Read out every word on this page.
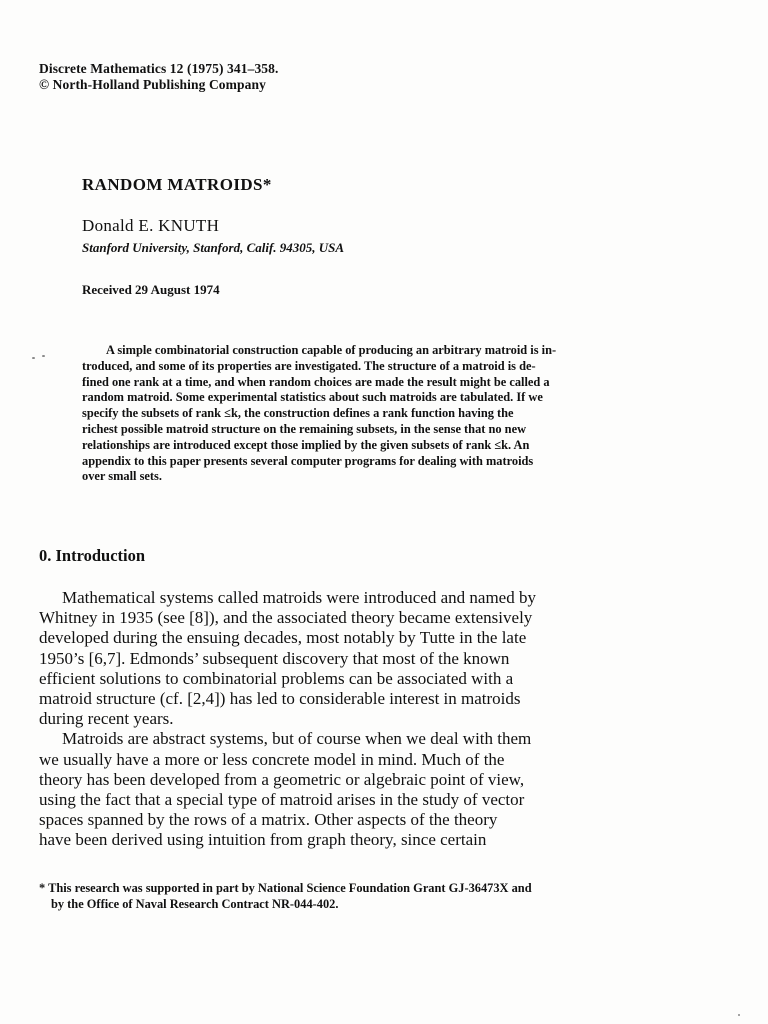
Discrete Mathematics 12 (1975) 341–358.
© North-Holland Publishing Company
RANDOM MATROIDS*
Donald E. KNUTH
Stanford University, Stanford, Calif. 94305, USA
Received 29 August 1974
A simple combinatorial construction capable of producing an arbitrary matroid is in-
troduced, and some of its properties are investigated. The structure of a matroid is de-
fined one rank at a time, and when random choices are made the result might be called a
random matroid. Some experimental statistics about such matroids are tabulated. If we
specify the subsets of rank ≤k, the construction defines a rank function having the
richest possible matroid structure on the remaining subsets, in the sense that no new
relationships are introduced except those implied by the given subsets of rank ≤k. An
appendix to this paper presents several computer programs for dealing with matroids
over small sets.
0. Introduction
Mathematical systems called matroids were introduced and named by
Whitney in 1935 (see [8]), and the associated theory became extensively
developed during the ensuing decades, most notably by Tutte in the late
1950’s [6,7]. Edmonds’ subsequent discovery that most of the known
efficient solutions to combinatorial problems can be associated with a
matroid structure (cf. [2,4]) has led to considerable interest in matroids
during recent years.
Matroids are abstract systems, but of course when we deal with them
we usually have a more or less concrete model in mind. Much of the
theory has been developed from a geometric or algebraic point of view,
using the fact that a special type of matroid arises in the study of vector
spaces spanned by the rows of a matrix. Other aspects of the theory
have been derived using intuition from graph theory, since certain
* This research was supported in part by National Science Foundation Grant GJ-36473X and
by the Office of Naval Research Contract NR-044-402.
